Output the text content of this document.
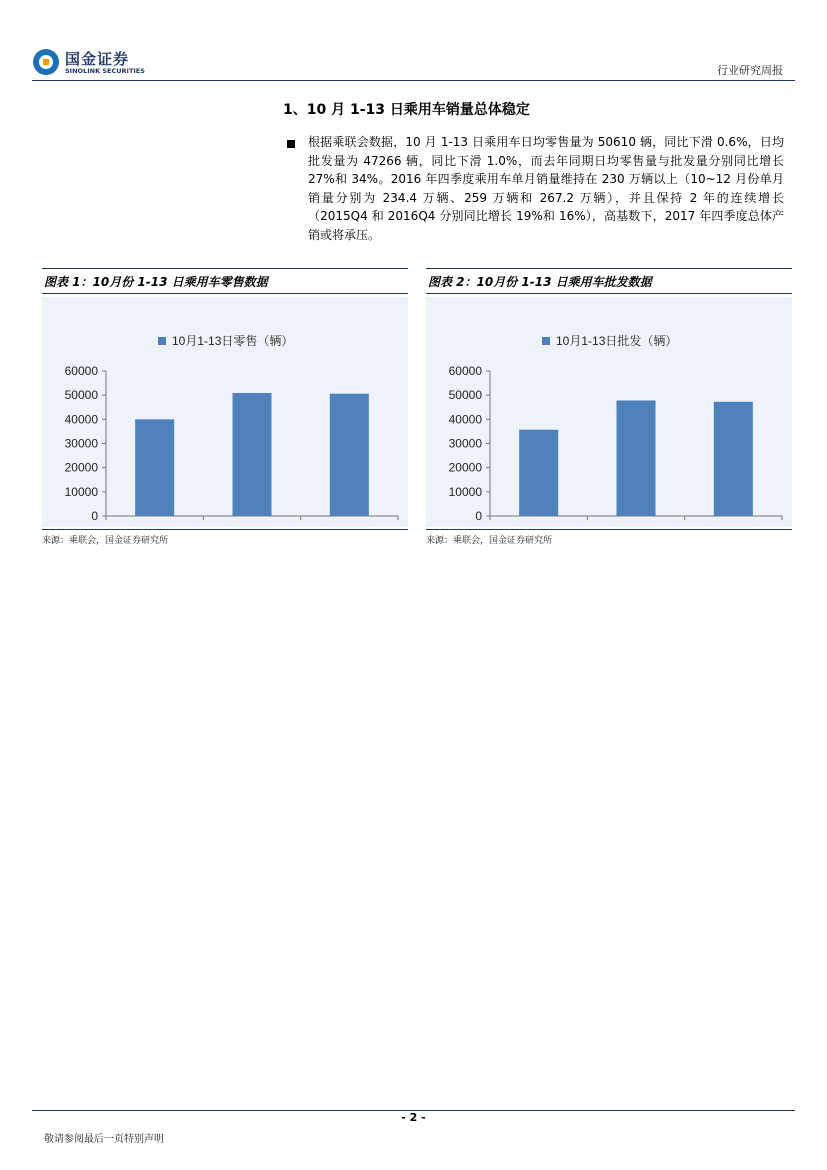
国金证券
SINOLINK SECURITIES	行业研究周报
1、10 月 1-13 日乘用车销量总体稳定
根据乘联会数据，10 月 1-13 日乘用车日均零售量为 50610 辆，同比下滑 0.6%，日均批发量为 47266 辆，同比下滑 1.0%，而去年同期日均零售量与批发量分别同比增长 27%和 34%。2016 年四季度乘用车单月销量维持在 230 万辆以上（10~12 月份单月销量分别为 234.4 万辆、259 万辆和 267.2 万辆），并且保持 2 年的连续增长（2015Q4 和 2016Q4 分别同比增长 19%和 16%），高基数下，2017 年四季度总体产销或将承压。
图表 1：10月份 1-13 日乘用车零售数据
10月1-13日零售（辆）
0
10000
20000
30000
40000
50000
60000
来源：乘联会，国金证券研究所
图表 2：10月份 1-13 日乘用车批发数据
10月1-13日批发（辆）
0
10000
20000
30000
40000
50000
60000
来源：乘联会，国金证券研究所
- 2 -
敬请参阅最后一页特别声明
